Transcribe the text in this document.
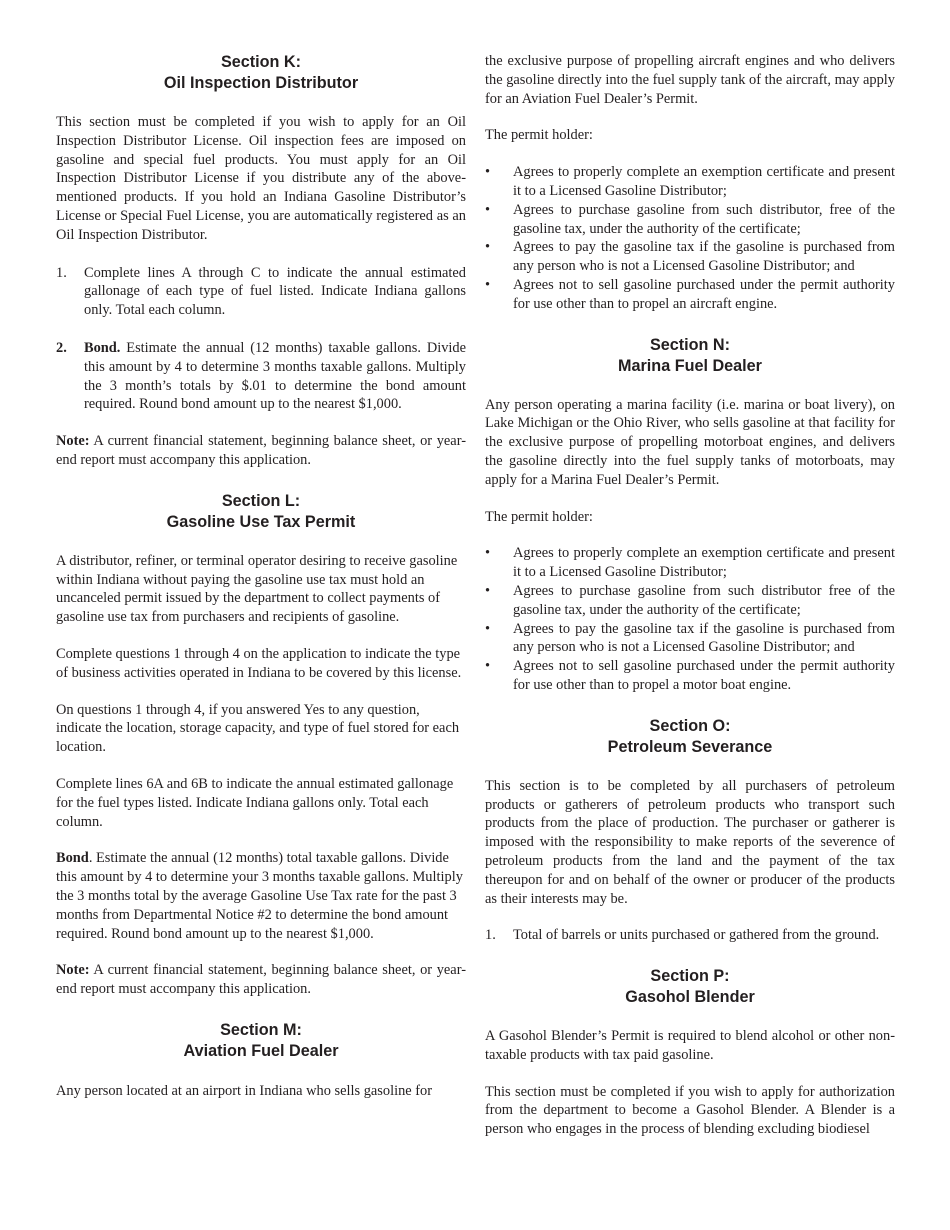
Section K:
Oil Inspection Distributor

This section must be completed if you wish to apply for an Oil Inspection Distributor License. Oil inspection fees are imposed on gasoline and special fuel products. You must apply for an Oil Inspection Distributor License if you distribute any of the above-mentioned products. If you hold an Indiana Gasoline Distributor’s License or Special Fuel License, you are automatically registered as an Oil Inspection Distributor.

1. Complete lines A through C to indicate the annual estimated gallonage of each type of fuel listed. Indicate Indiana gallons only. Total each column.
2. Bond. Estimate the annual (12 months) taxable gallons. Divide this amount by 4 to determine 3 months taxable gallons. Multiply the 3 month’s totals by $.01 to determine the bond amount required. Round bond amount up to the nearest $1,000.

Note: A current financial statement, beginning balance sheet, or year-end report must accompany this application.

Section L:
Gasoline Use Tax Permit

A distributor, refiner, or terminal operator desiring to receive gasoline within Indiana without paying the gasoline use tax must hold an uncanceled permit issued by the department to collect payments of gasoline use tax from purchasers and recipients of gasoline.

Complete questions 1 through 4 on the application to indicate the type of business activities operated in Indiana to be covered by this license.

On questions 1 through 4, if you answered Yes to any question, indicate the location, storage capacity, and type of fuel stored for each location.

Complete lines 6A and 6B to indicate the annual estimated gallonage for the fuel types listed. Indicate Indiana gallons only. Total each column.

Bond. Estimate the annual (12 months) total taxable gallons. Divide this amount by 4 to determine your 3 months taxable gallons. Multiply the 3 months total by the average Gasoline Use Tax rate for the past 3 months from Departmental Notice #2 to determine the bond amount required. Round bond amount up to the nearest $1,000.

Note: A current financial statement, beginning balance sheet, or year-end report must accompany this application.

Section M:
Aviation Fuel Dealer

Any person located at an airport in Indiana who sells gasoline for

the exclusive purpose of propelling aircraft engines and who delivers the gasoline directly into the fuel supply tank of the aircraft, may apply for an Aviation Fuel Dealer’s Permit.

The permit holder:

• Agrees to properly complete an exemption certificate and present it to a Licensed Gasoline Distributor;
• Agrees to purchase gasoline from such distributor, free of the gasoline tax, under the authority of the certificate;
• Agrees to pay the gasoline tax if the gasoline is purchased from any person who is not a Licensed Gasoline Distributor; and
• Agrees not to sell gasoline purchased under the permit authority for use other than to propel an aircraft engine.
Section N:
Marina Fuel Dealer

Any person operating a marina facility (i.e. marina or boat livery), on Lake Michigan or the Ohio River, who sells gasoline at that facility for the exclusive purpose of propelling motorboat engines, and delivers the gasoline directly into the fuel supply tanks of motorboats, may apply for a Marina Fuel Dealer’s Permit.

The permit holder:

• Agrees to properly complete an exemption certificate and present it to a Licensed Gasoline Distributor;
• Agrees to purchase gasoline from such distributor free of the gasoline tax, under the authority of the certificate;
• Agrees to pay the gasoline tax if the gasoline is purchased from any person who is not a Licensed Gasoline Distributor; and
• Agrees not to sell gasoline purchased under the permit authority for use other than to propel a motor boat engine.
Section O:
Petroleum Severance

This section is to be completed by all purchasers of petroleum products or gatherers of petroleum products who transport such products from the place of production. The purchaser or gatherer is imposed with the responsibility to make reports of the severence of petroleum products from the land and the payment of the tax thereupon for and on behalf of the owner or producer of the products as their interests may be.

1. Total of barrels or units purchased or gathered from the ground.
Section P:
Gasohol Blender

A Gasohol Blender’s Permit is required to blend alcohol or other non-taxable products with tax paid gasoline.

This section must be completed if you wish to apply for authorization from the department to become a Gasohol Blender. A Blender is a person who engages in the process of blending excluding biodiesel
